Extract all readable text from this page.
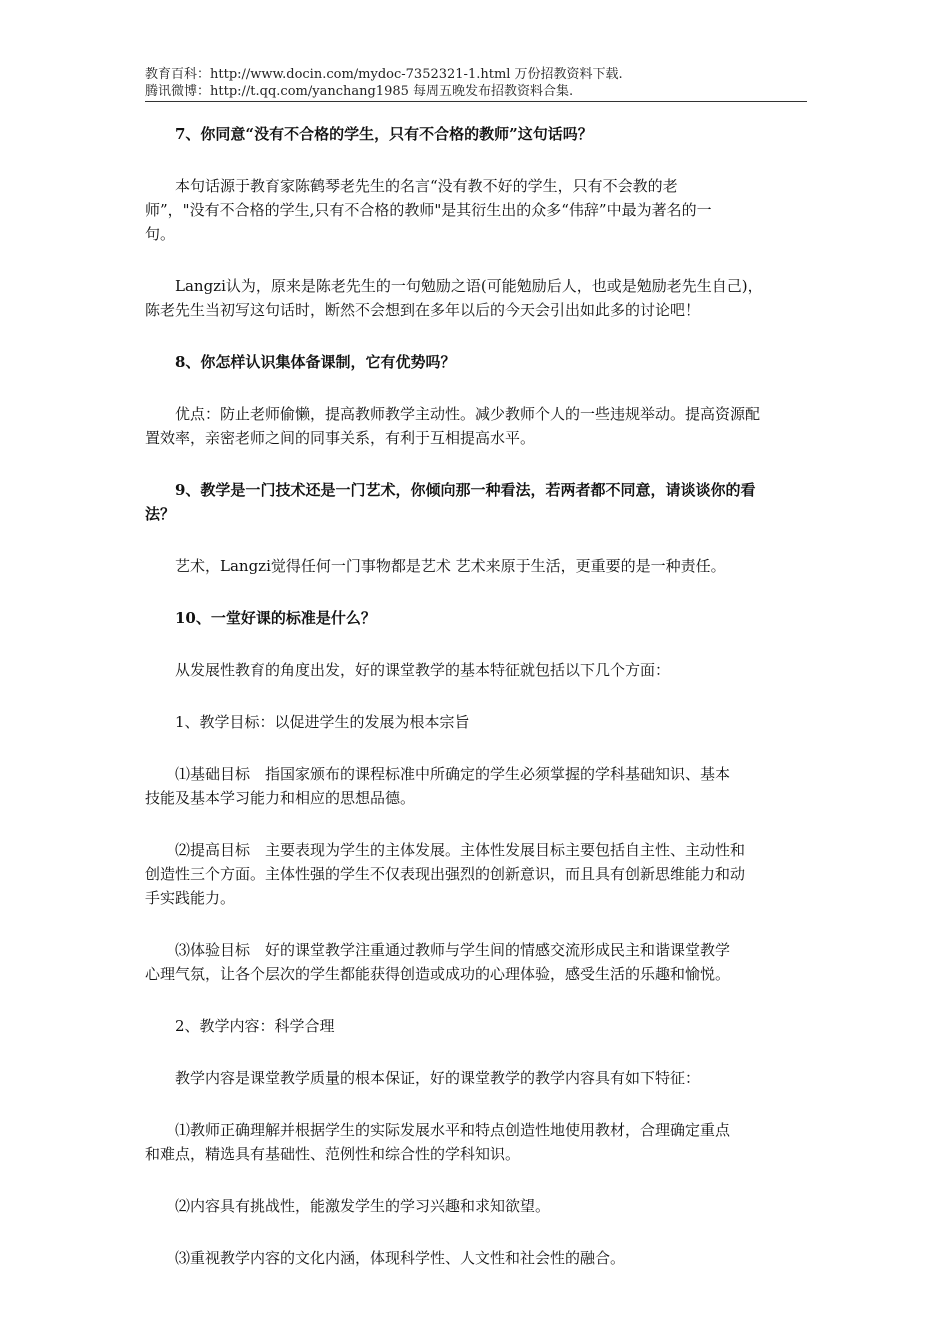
教育百科：http://www.docin.com/mydoc-7352321-1.html 万份招教资料下载.
腾讯微博：http://t.qq.com/yanchang1985 每周五晚发布招教资料合集.
7、你同意“没有不合格的学生，只有不合格的教师”这句话吗？
本句话源于教育家陈鹤琴老先生的名言“没有教不好的学生，只有不会教的老
师”，"没有不合格的学生,只有不合格的教师"是其衍生出的众多“伟辞”中最为著名的一
句。
Langzi认为，原来是陈老先生的一句勉励之语(可能勉励后人，也或是勉励老先生自己)，
陈老先生当初写这句话时，断然不会想到在多年以后的今天会引出如此多的讨论吧！
8、你怎样认识集体备课制，它有优势吗？
优点：防止老师偷懒，提高教师教学主动性。减少教师个人的一些违规举动。提高资源配
置效率，亲密老师之间的同事关系，有利于互相提高水平。
9、教学是一门技术还是一门艺术，你倾向那一种看法，若两者都不同意，请谈谈你的看
法？
艺术，Langzi觉得任何一门事物都是艺术 艺术来原于生活，更重要的是一种责任。
10、一堂好课的标准是什么？
从发展性教育的角度出发，好的课堂教学的基本特征就包括以下几个方面：
1、教学目标：以促进学生的发展为根本宗旨
⑴基础目标　指国家颁布的课程标准中所确定的学生必须掌握的学科基础知识、基本
技能及基本学习能力和相应的思想品德。
⑵提高目标　主要表现为学生的主体发展。主体性发展目标主要包括自主性、主动性和
创造性三个方面。主体性强的学生不仅表现出强烈的创新意识，而且具有创新思维能力和动
手实践能力。
⑶体验目标　好的课堂教学注重通过教师与学生间的情感交流形成民主和谐课堂教学
心理气氛，让各个层次的学生都能获得创造或成功的心理体验，感受生活的乐趣和愉悦。
2、教学内容：科学合理
教学内容是课堂教学质量的根本保证，好的课堂教学的教学内容具有如下特征：
⑴教师正确理解并根据学生的实际发展水平和特点创造性地使用教材，合理确定重点
和难点，精选具有基础性、范例性和综合性的学科知识。
⑵内容具有挑战性，能激发学生的学习兴趣和求知欲望。
⑶重视教学内容的文化内涵，体现科学性、人文性和社会性的融合。
